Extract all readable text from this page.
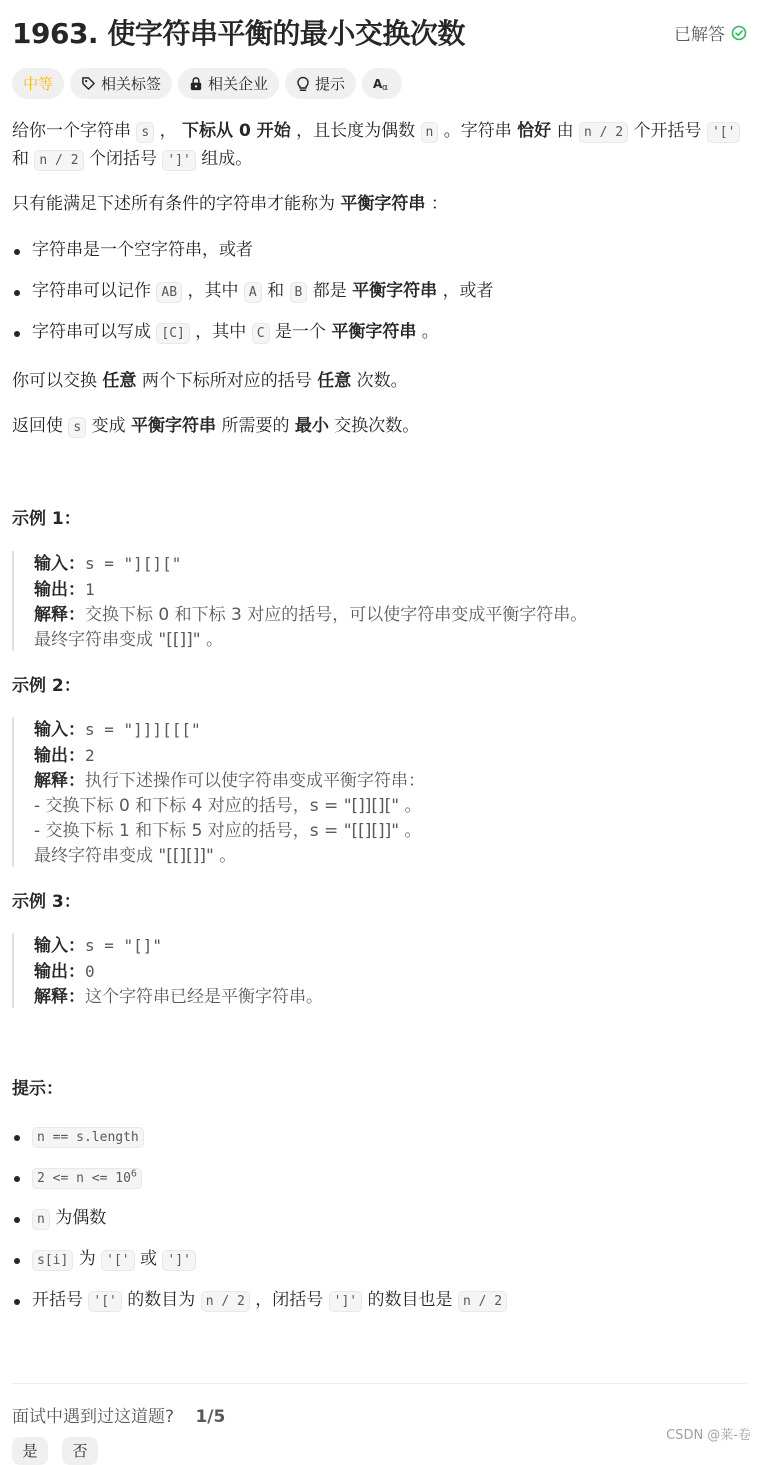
1963. 使字符串平衡的最小交换次数	已解答
中等	相关标签	相关企业	提示 A α

给你一个字符串 s ， 下标从 0 开始 ，且长度为偶数 n 。字符串 恰好 由 n / 2 个开括号 '['
和 n / 2 个闭括号 ']' 组成。

只有能满足下述所有条件的字符串才能称为 平衡字符串 ：

字符串是一个空字符串，或者
字符串可以记作 AB ，其中 A 和 B 都是 平衡字符串 ，或者
字符串可以写成 [C] ，其中 C 是一个 平衡字符串 。

你可以交换 任意 两个下标所对应的括号 任意 次数。

返回使 s 变成 平衡字符串 所需要的 最小 交换次数。

示例 1：
输入：s = "][]["
输出：1
解释：交换下标 0 和下标 3 对应的括号，可以使字符串变成平衡字符串。
最终字符串变成 "[[]]" 。
示例 2：
输入：s = "]]][[["
输出：2
解释：执行下述操作可以使字符串变成平衡字符串：
- 交换下标 0 和下标 4 对应的括号，s = "[]][][" 。
- 交换下标 1 和下标 5 对应的括号，s = "[[][]]" 。
最终字符串变成 "[[][]]" 。
示例 3：
输入：s = "[]"
输出：0
解释：这个字符串已经是平衡字符串。
提示：
n == s.length
$2 <= n <= 10^6$
n 为偶数
s[i] 为 '[' 或 ']'
开括号 '[' 的数目为 n / 2 ，闭括号 ']' 的数目也是 n / 2
面试中遇到过这道题? 1/5
是	否
CSDN @莱-卷
